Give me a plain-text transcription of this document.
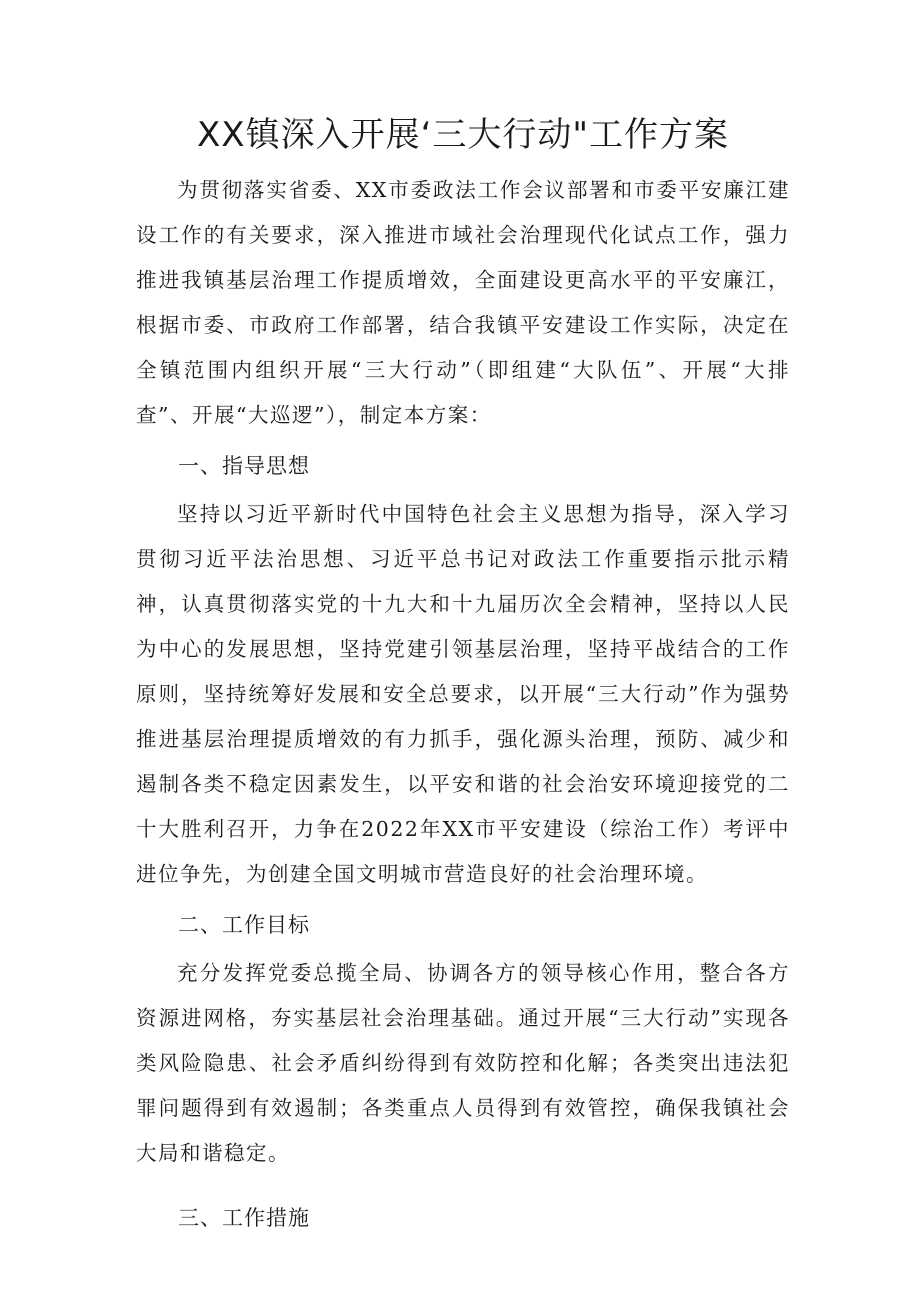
XX镇深入开展‘三大行动"工作方案

为贯彻落实省委、XX市委政法工作会议部署和市委平安廉江建设工作的有关要求，深入推进市域社会治理现代化试点工作，强力推进我镇基层治理工作提质增效，全面建设更高水平的平安廉江，根据市委、市政府工作部署，结合我镇平安建设工作实际，决定在全镇范围内组织开展“三大行动”（即组建“大队伍”、开展“大排查”、开展“大巡逻”），制定本方案：

一、指导思想

坚持以习近平新时代中国特色社会主义思想为指导，深入学习贯彻习近平法治思想、习近平总书记对政法工作重要指示批示精神，认真贯彻落实党的十九大和十九届历次全会精神，坚持以人民为中心的发展思想，坚持党建引领基层治理，坚持平战结合的工作原则，坚持统筹好发展和安全总要求，以开展“三大行动”作为强势推进基层治理提质增效的有力抓手，强化源头治理，预防、减少和遏制各类不稳定因素发生，以平安和谐的社会治安环境迎接党的二十大胜利召开，力争在2022年XX市平安建设（综治工作）考评中进位争先，为创建全国文明城市营造良好的社会治理环境。

二、工作目标

充分发挥党委总揽全局、协调各方的领导核心作用，整合各方资源进网格，夯实基层社会治理基础。通过开展“三大行动”实现各类风险隐患、社会矛盾纠纷得到有效防控和化解；各类突出违法犯罪问题得到有效遏制；各类重点人员得到有效管控，确保我镇社会大局和谐稳定。

三、工作措施
